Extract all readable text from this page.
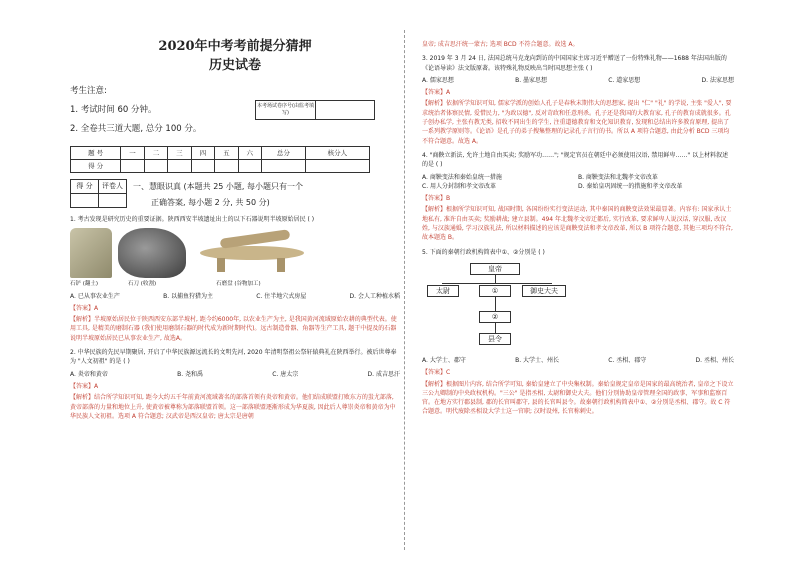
2020年中考考前提分猜押
历史试卷
考生注意:
1. 考试时间 60 分钟。
2. 全卷共三道大题, 总分 100 分。
本考场试卷序号(由监考填写)
题 号	一	二	三	四	五	六	总分	核分人
得 分								
得 分	评卷人
	一、慧眼识真 (本题共 25 小题, 每小题只有一个
正确答案, 每小题 2 分, 共 50 分)
1. 考古发现是研究历史的重要证据。陕西西安半坡遗址出土的以下石器说明半坡原始居民 ( )
石铲 (翻土)	石刀 (收割)	石磨盘 (谷物加工)
A. 已从事农业生产	B. 以捕鱼狩猎为主	C. 住半地穴式房屋	D. 会人工种植水稻
【答案】A
【解析】半坡原始居民位于陕西西安东部半坡村, 距今约6000年, 以农业生产为主, 是我国黄河流域原始农耕的典型代表。使用工具, 是精美的磨制石器 (我们使用磨制石器的时代成为新时期时代)。远古制造骨器、角器等生产工具, 题干中提及的石器说明半坡原始居民已从事农业生产, 故选A。
2. 中华民族的先民早期聚居, 开启了中华民族源远流长的文明先河, 2020 年清明祭祖公祭轩辕典礼在陕西举行。被后世尊奉为 "人文初祖" 的是 ( )
A. 炎帝和黄帝	B. 尧和禹	C. 唐太宗	D. 成吉思汗
【答案】A
【解析】结合所学知识可知, 距今大约五千年前黄河流域著名的部落首领有炎帝和黄帝。他们结成联盟打败东方的蚩尤部落, 黄帝部落的力量和地位上升, 使黄帝被尊称为部落联盟首领。这一部落联盟逐渐形成为华夏族, 因此后人尊崇炎帝和黄帝为中华民族人文初祖。选项 A 符合题意; 汉武帝是西汉皇帝; 唐太宗是唐朝
皇帝; 成吉思汗统一蒙古; 选项 BCD 不符合题意。故选 A。
3. 2019 年 3 月 24 日, 法国总统马克龙向到访的中国国家主席习近平赠送了一份特殊礼物——1688 年法国出版的《论语导读》法文版原著。该特殊礼物反映出当时国思想主张 ( )
A. 儒家思想	B. 墨家思想	C. 道家思想	D. 法家思想
【答案】A
【解析】依据所学知识可知, 儒家学派的创始人孔子是春秋末期伟大的思想家, 提出 "仁" "礼" 的学说, 主张 "爱人", 要求统治者体察民情, 爱惜民力, "为政以德", 反对苛政和任意刑杀。孔子还是我国的大教育家, 孔子的教育成就很多。孔子创办私学, 主张有教无类, 招收不同出生的学生, 注重道德教育和文化知识教育, 发现和总结出许多教育原理, 提出了一系列教学原则等。《论语》是孔子的弟子搜集整理的记录孔子言行的书。所以 A 项符合题意, 由此分析 BCD 三项均不符合题意。故选 A。
4. "商鞅立新法, 允许土地自由买卖; 奖励军功……"; "规定官员在朝廷中必须使用汉语, 禁用鲜卑……" 以上材料叙述的是 ( )
A. 商鞅变法和秦始皇统一措施	B. 商鞅变法和北魏孝文帝改革
C. 用人分封制和孝文帝改革	D. 秦始皇巩固统一的措施和孝文帝改革
【答案】B
【解析】根据所学知识可知, 战国时期, 各国纷纷实行变法运动, 其中秦国的商鞅变法效果最显著。内容有: 国家承认土地私有, 准许自由买卖; 奖励耕战; 建立县制。494 年北魏孝文帝迁都后, 实行改革, 要求鲜卑人说汉话, 穿汉服, 改汉姓, 与汉族通婚, 学习汉族礼法, 所以材料描述的应该是商鞅变法和孝文帝改革, 所以 B 项符合题意, 其他三项均不符合, 故本题选 B。
5. 下面的秦朝行政机构简表中①、②分别是 ( )
皇帝
太尉	①	御史大夫
②
县令
A. 大学士、郡守	B. 大学士、州长	C. 丞相、郡守	D. 丞相、州长
【答案】C
【解析】根据图片内容, 结合所学可知, 秦始皇建立了中央集权制。秦始皇规定皇帝是国家的最高统治者, 皇帝之下设立三公九卿制的中央政权机构。"三公" 是指丞相, 太尉和御史大夫。他们分别协助皇帝管理全国的政事、军事和监察百官。在地方实行郡县制, 郡的长官叫郡守, 县的长官叫县令。故秦朝行政机构简表中①、②分别是丞相、郡守。故 C 符合题意。明代废除丞相设大学士这一官职; 汉时设州, 长官称刺史。
